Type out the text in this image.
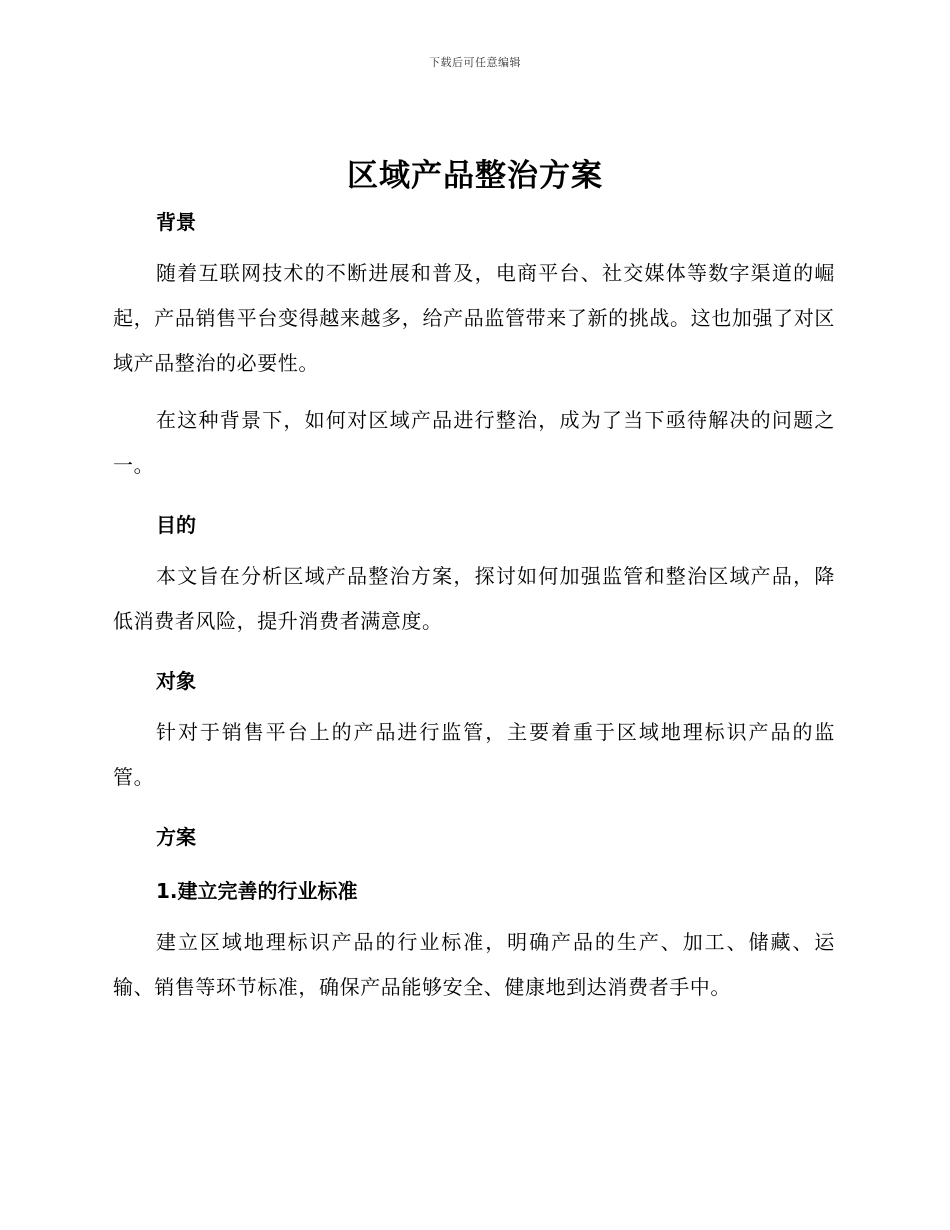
下载后可任意编辑
区域产品整治方案

背景

随着互联网技术的不断进展和普及，电商平台、社交媒体等数字渠道的崛起，产品销售平台变得越来越多，给产品监管带来了新的挑战。这也加强了对区域产品整治的必要性。

在这种背景下，如何对区域产品进行整治，成为了当下亟待解决的问题之一。

目的

本文旨在分析区域产品整治方案，探讨如何加强监管和整治区域产品，降低消费者风险，提升消费者满意度。

对象

针对于销售平台上的产品进行监管，主要着重于区域地理标识产品的监管。

方案

1.建立完善的行业标准

建立区域地理标识产品的行业标准，明确产品的生产、加工、储藏、运输、销售等环节标准，确保产品能够安全、健康地到达消费者手中。
